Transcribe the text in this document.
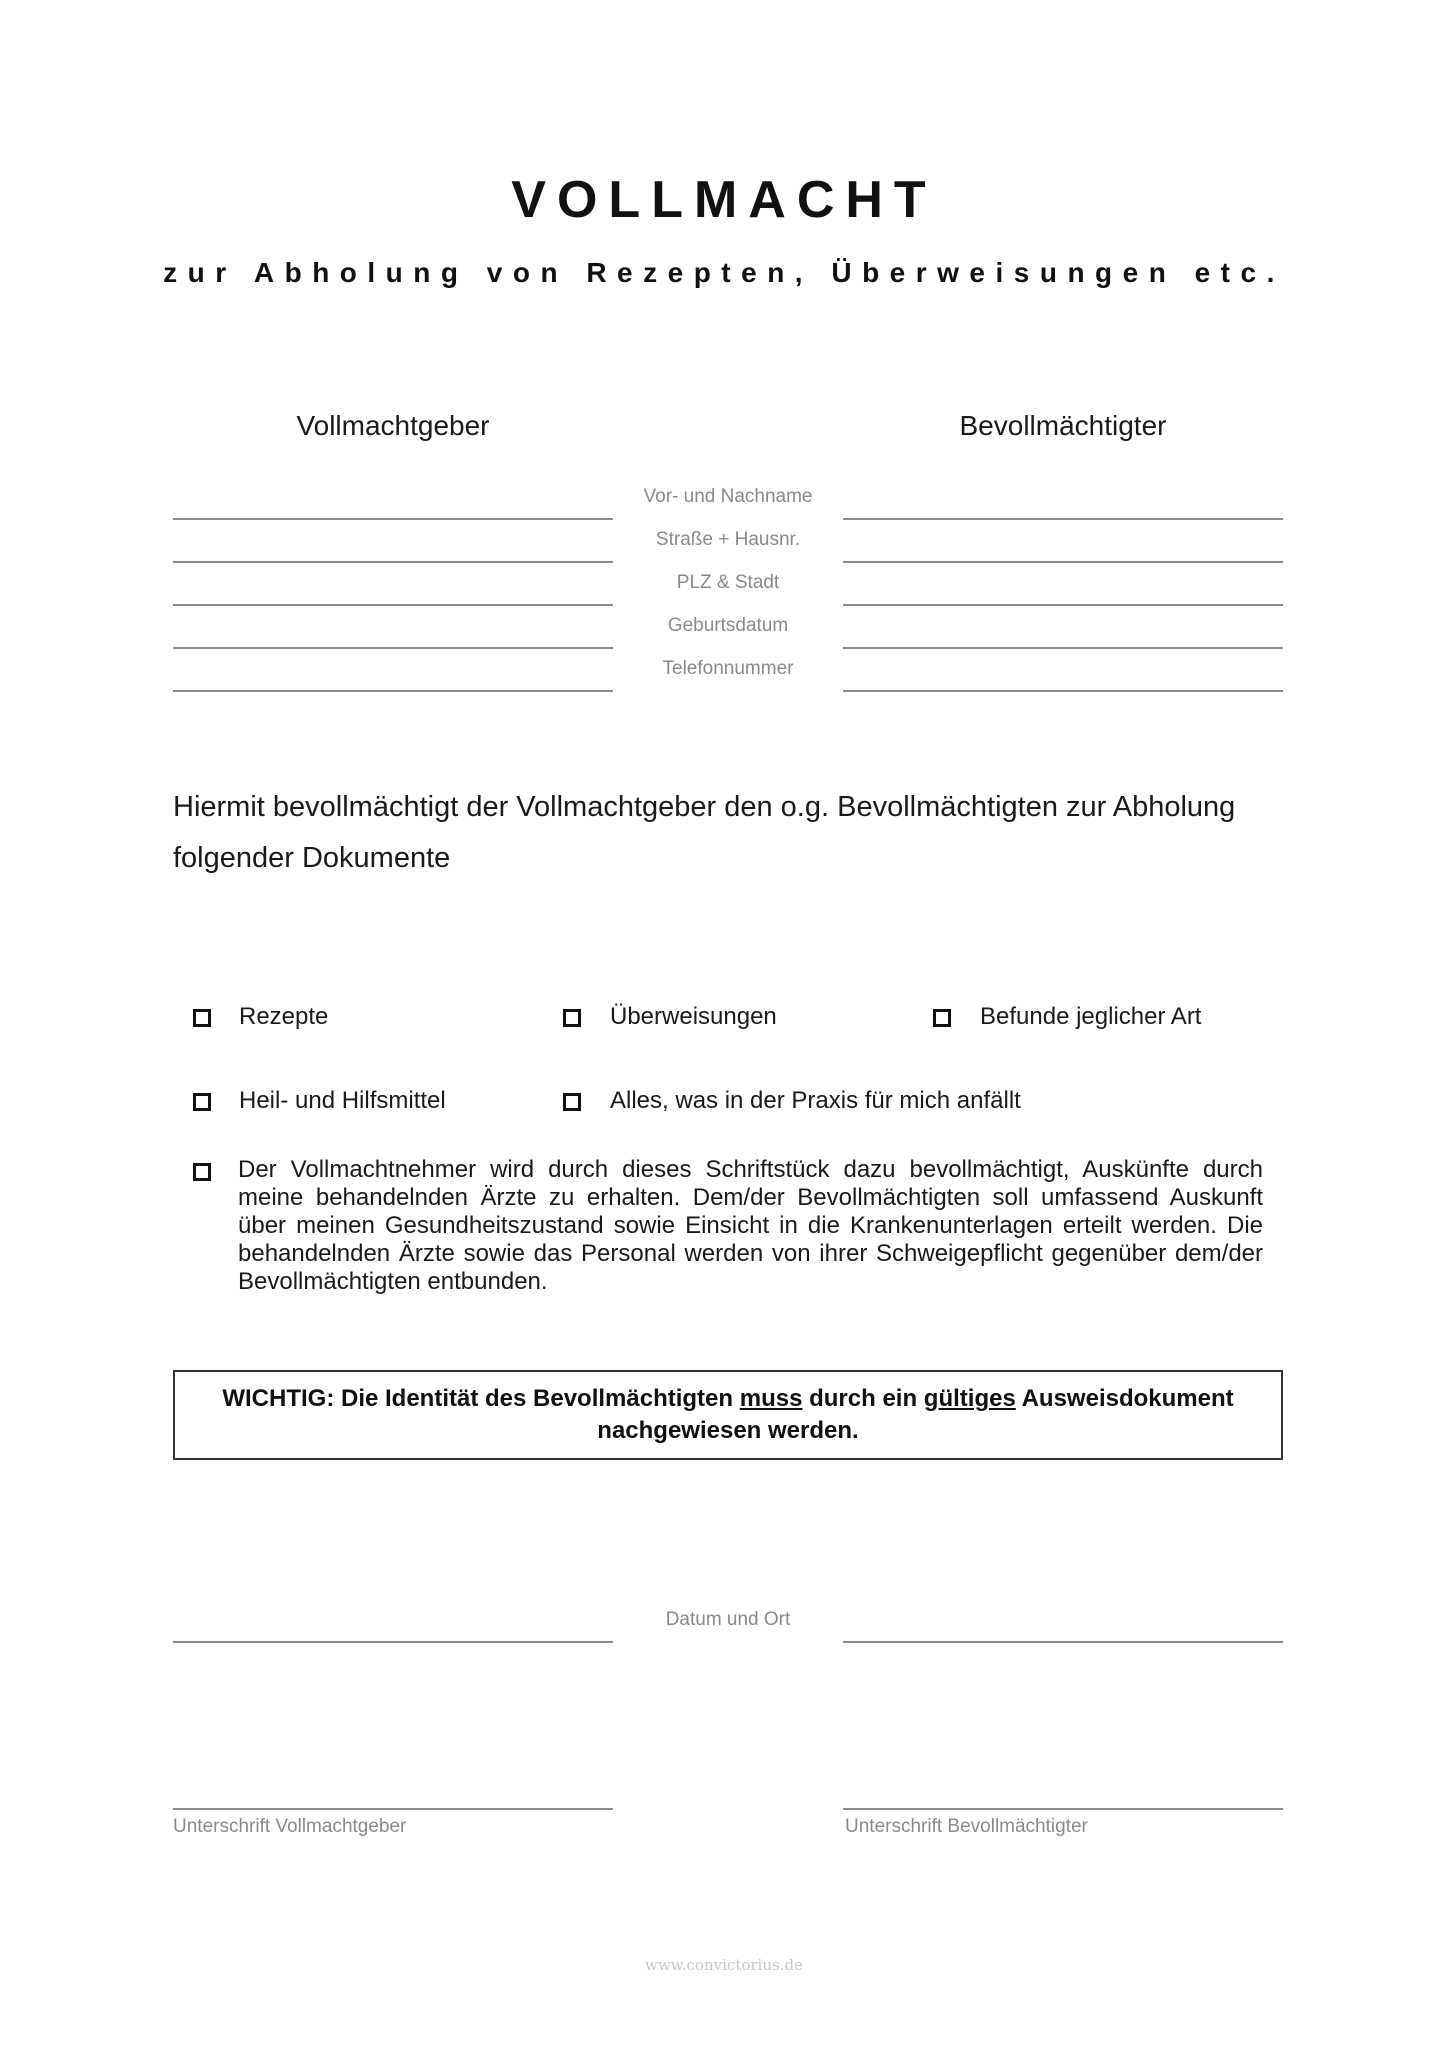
VOLLMACHT
zur Abholung von Rezepten, Überweisungen etc.
Vollmachtgeber	Bevollmächtigter
Vor- und Nachname
Straße + Hausnr.
PLZ & Stadt
Geburtsdatum
Telefonnummer
Hiermit bevollmächtigt der Vollmachtgeber den o.g. Bevollmächtigten zur Abholung folgender Dokumente
Rezepte	Überweisungen	Befunde jeglicher Art
Heil- und Hilfsmittel	Alles, was in der Praxis für mich anfällt
Der Vollmachtnehmer wird durch dieses Schriftstück dazu bevollmächtigt, Auskünfte durch meine behandelnden Ärzte zu erhalten. Dem/der Bevollmächtigten soll umfassend Auskunft über meinen Gesundheitszustand sowie Einsicht in die Krankenunterlagen erteilt werden. Die behandelnden Ärzte sowie das Personal werden von ihrer Schweigepflicht gegenüber dem/der Bevollmächtigten entbunden.
WICHTIG: Die Identität des Bevollmächtigten muss durch ein gültiges Ausweisdokument nachgewiesen werden.
Datum und Ort
Unterschrift Vollmachtgeber	Unterschrift Bevollmächtigter
www.convictorius.de
